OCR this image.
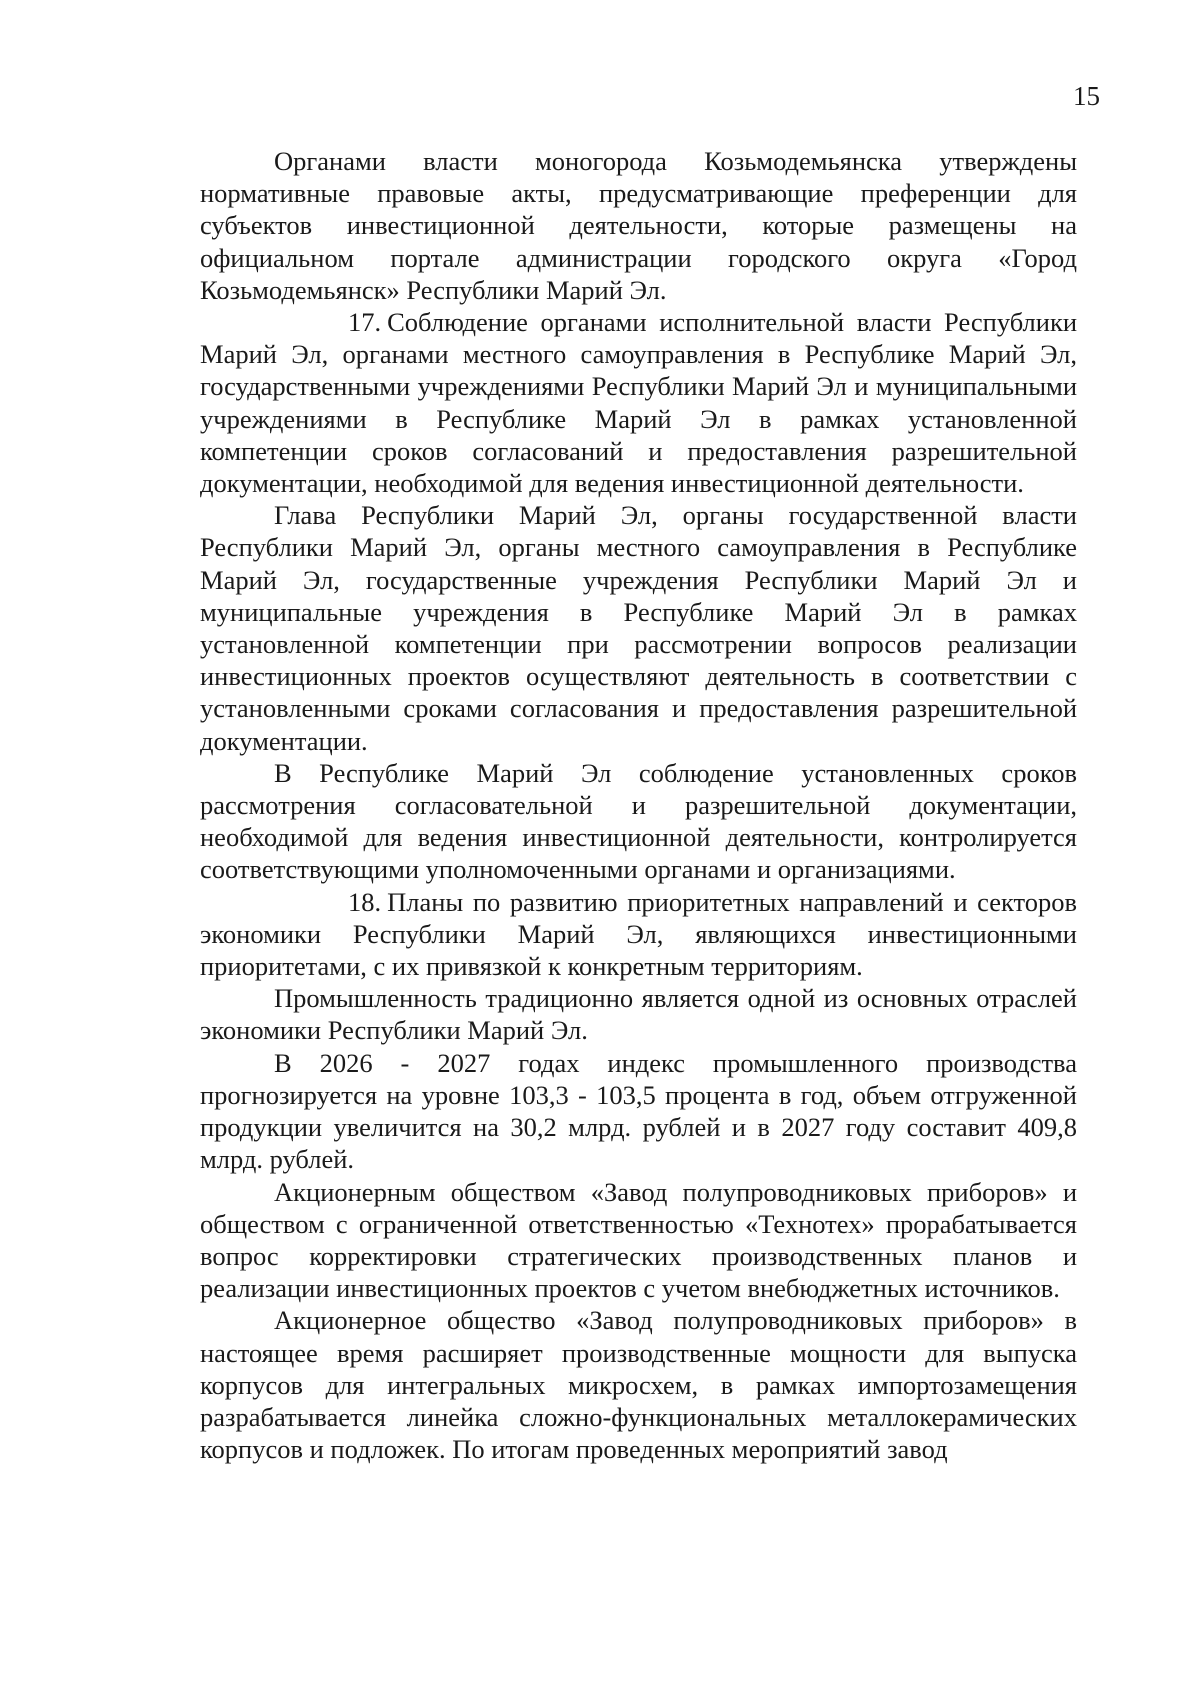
15

Органами власти моногорода Козьмодемьянска утверждены нормативные правовые акты, предусматривающие преференции для субъектов инвестиционной деятельности, которые размещены на официальном портале администрации городского округа «Город Козьмодемьянск» Республики Марий Эл.

17. Соблюдение органами исполнительной власти Республики Марий Эл, органами местного самоуправления в Республике Марий Эл, государственными учреждениями Республики Марий Эл и муниципальными учреждениями в Республике Марий Эл в рамках установленной компетенции сроков согласований и предоставления разрешительной документации, необходимой для ведения инвестиционной деятельности.

Глава Республики Марий Эл, органы государственной власти Республики Марий Эл, органы местного самоуправления в Республике Марий Эл, государственные учреждения Республики Марий Эл и муниципальные учреждения в Республике Марий Эл в рамках установленной компетенции при рассмотрении вопросов реализации инвестиционных проектов осуществляют деятельность в соответствии с установленными сроками согласования и предоставления разрешительной документации.

В Республике Марий Эл соблюдение установленных сроков рассмотрения согласовательной и разрешительной документации, необходимой для ведения инвестиционной деятельности, контролируется соответствующими уполномоченными органами и организациями.

18. Планы по развитию приоритетных направлений и секторов экономики Республики Марий Эл, являющихся инвестиционными приоритетами, с их привязкой к конкретным территориям.

Промышленность традиционно является одной из основных отраслей экономики Республики Марий Эл.

В 2026 - 2027 годах индекс промышленного производства прогнозируется на уровне 103,3 - 103,5 процента в год, объем отгруженной продукции увеличится на 30,2 млрд. рублей и в 2027 году составит 409,8 млрд. рублей.

Акционерным обществом «Завод полупроводниковых приборов» и обществом с ограниченной ответственностью «Технотех» прорабатывается вопрос корректировки стратегических производственных планов и реализации инвестиционных проектов с учетом внебюджетных источников.

Акционерное общество «Завод полупроводниковых приборов» в настоящее время расширяет производственные мощности для выпуска корпусов для интегральных микросхем, в рамках импортозамещения разрабатывается линейка сложно-функциональных металлокерамических корпусов и подложек. По итогам проведенных мероприятий завод
